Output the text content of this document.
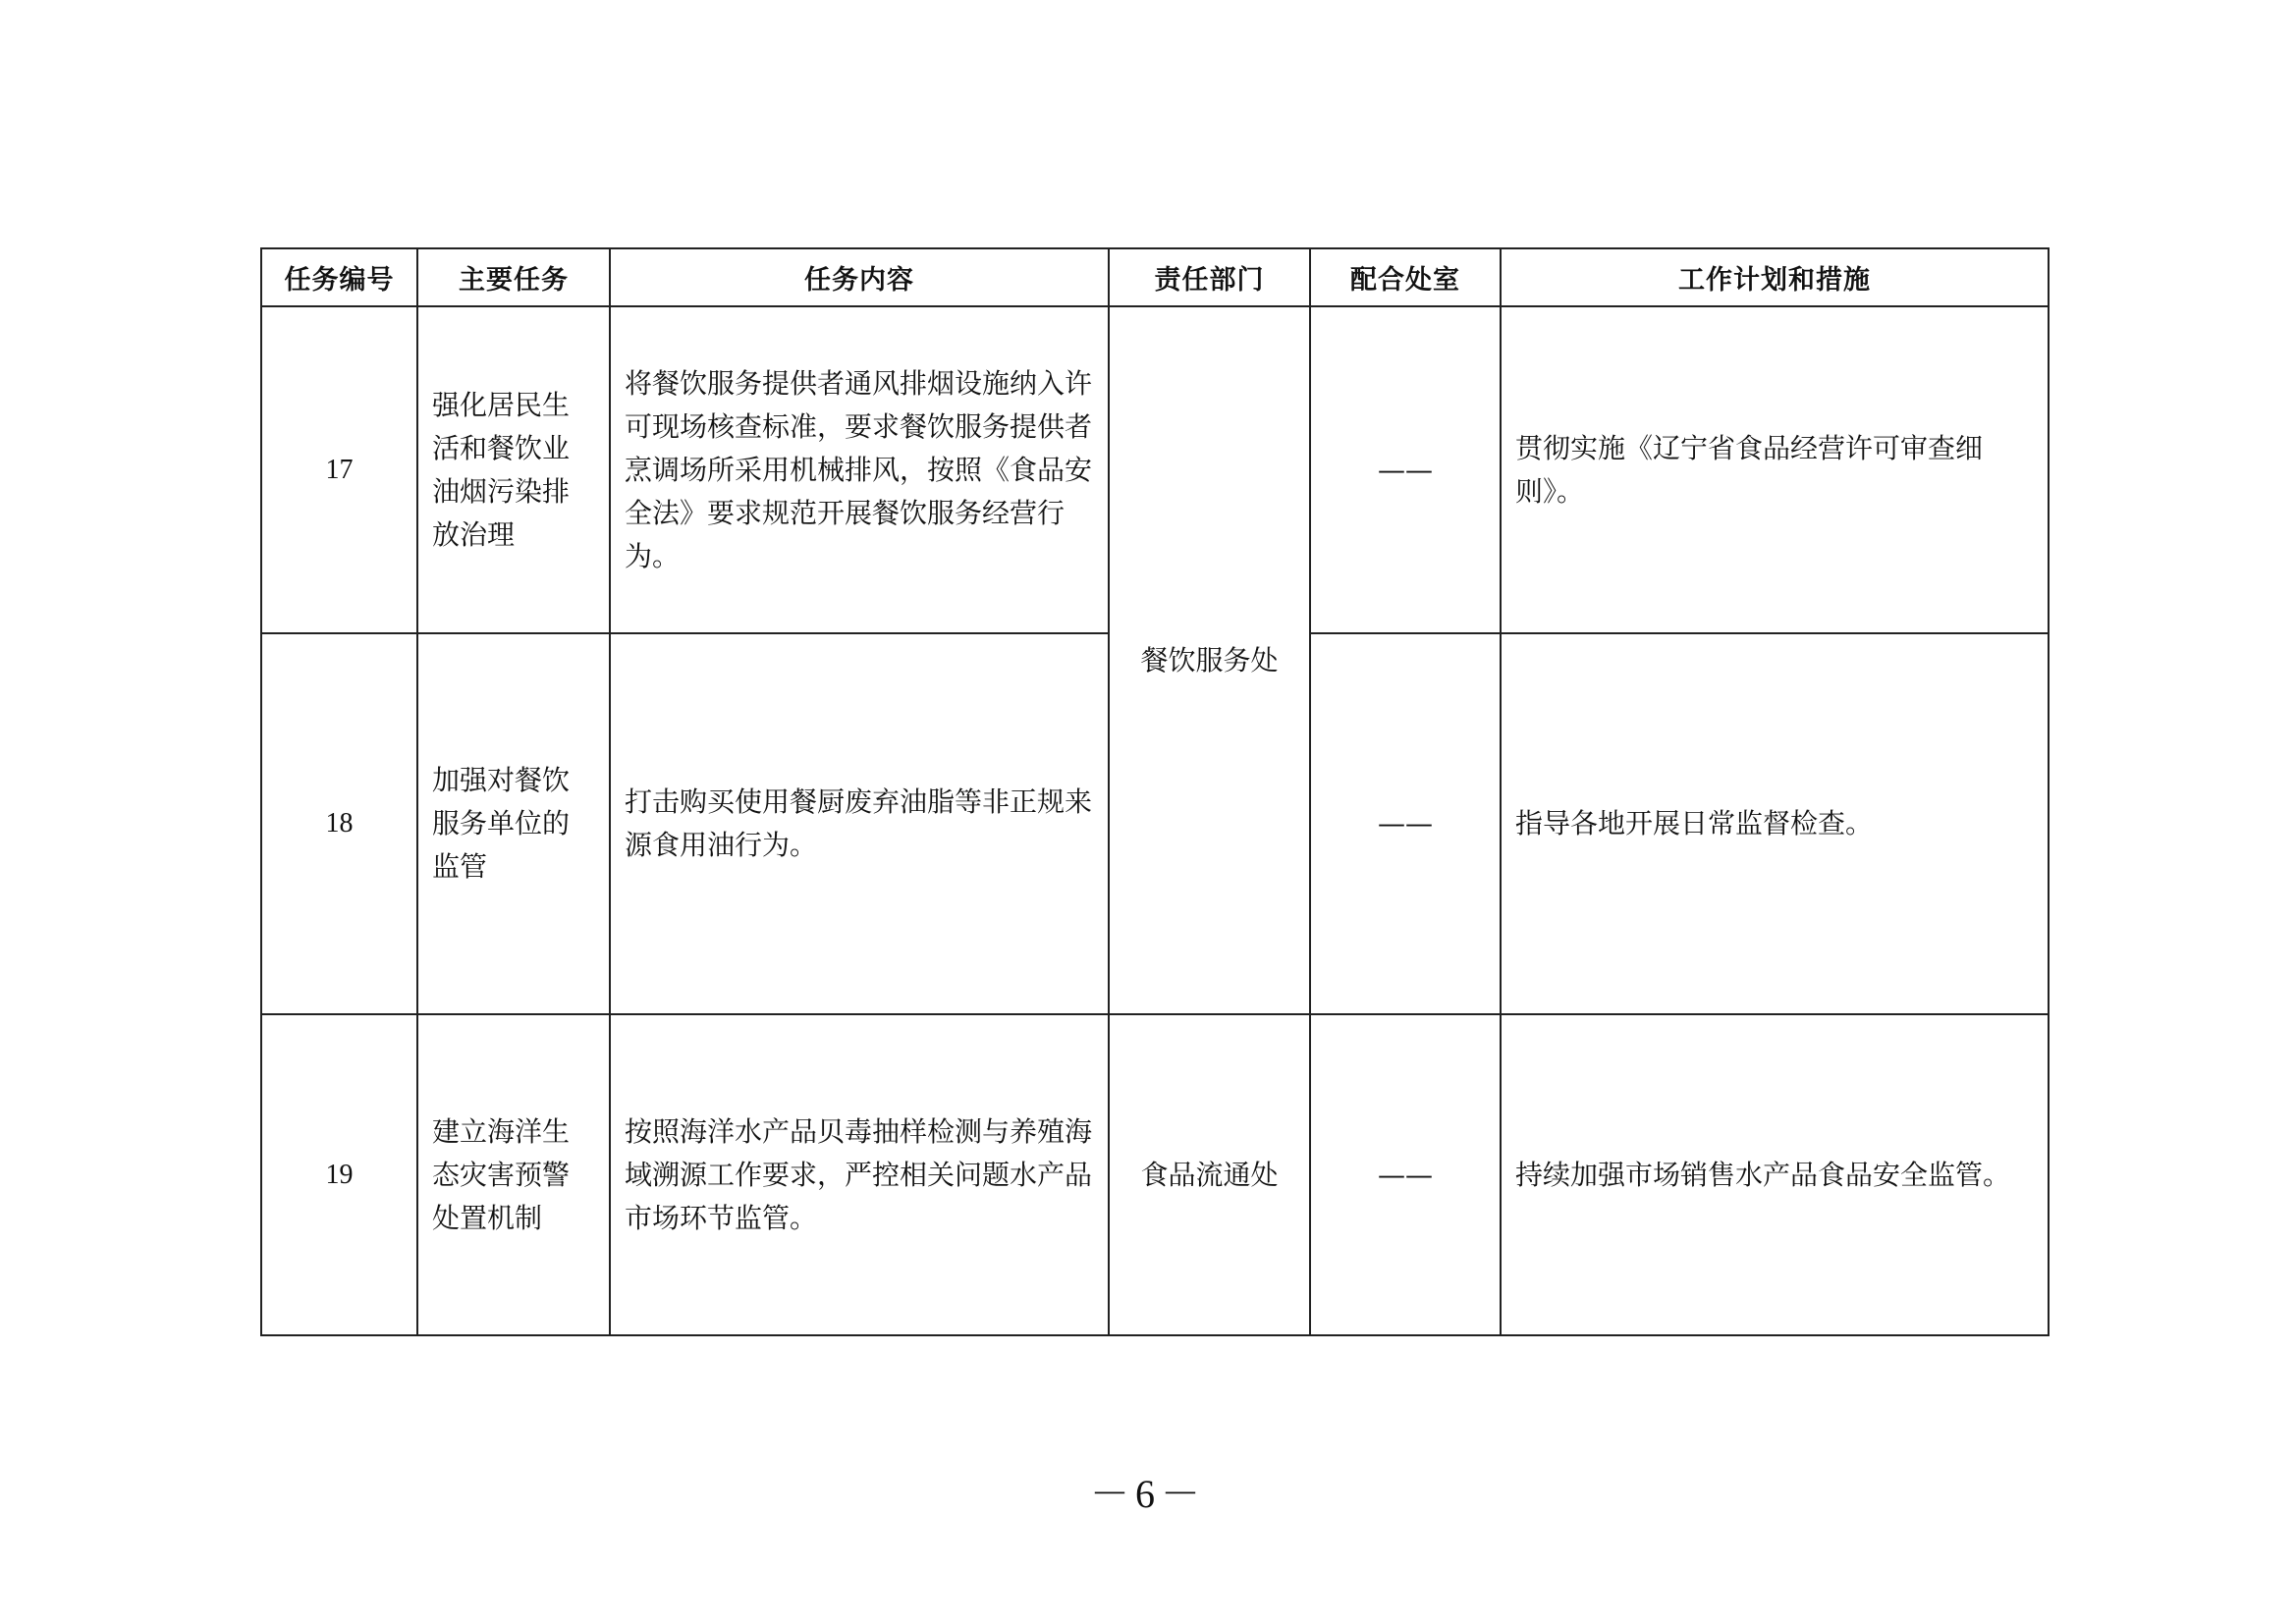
任务编号	主要任务	任务内容	责任部门	配合处室	工作计划和措施
17	强化居民生活和餐饮业油烟污染排放治理	将餐饮服务提供者通风排烟设施纳入许可现场核查标准，要求餐饮服务提供者烹调场所采用机械排风，按照《食品安全法》要求规范开展餐饮服务经营行为。	餐饮服务处	——	贯彻实施《辽宁省食品经营许可审查细则》。
18	加强对餐饮服务单位的监管	打击购买使用餐厨废弃油脂等非正规来源食用油行为。		——	指导各地开展日常监督检查。
19	建立海洋生态灾害预警处置机制	按照海洋水产品贝毒抽样检测与养殖海域溯源工作要求，严控相关问题水产品市场环节监管。	食品流通处	——	持续加强市场销售水产品食品安全监管。
－6－
